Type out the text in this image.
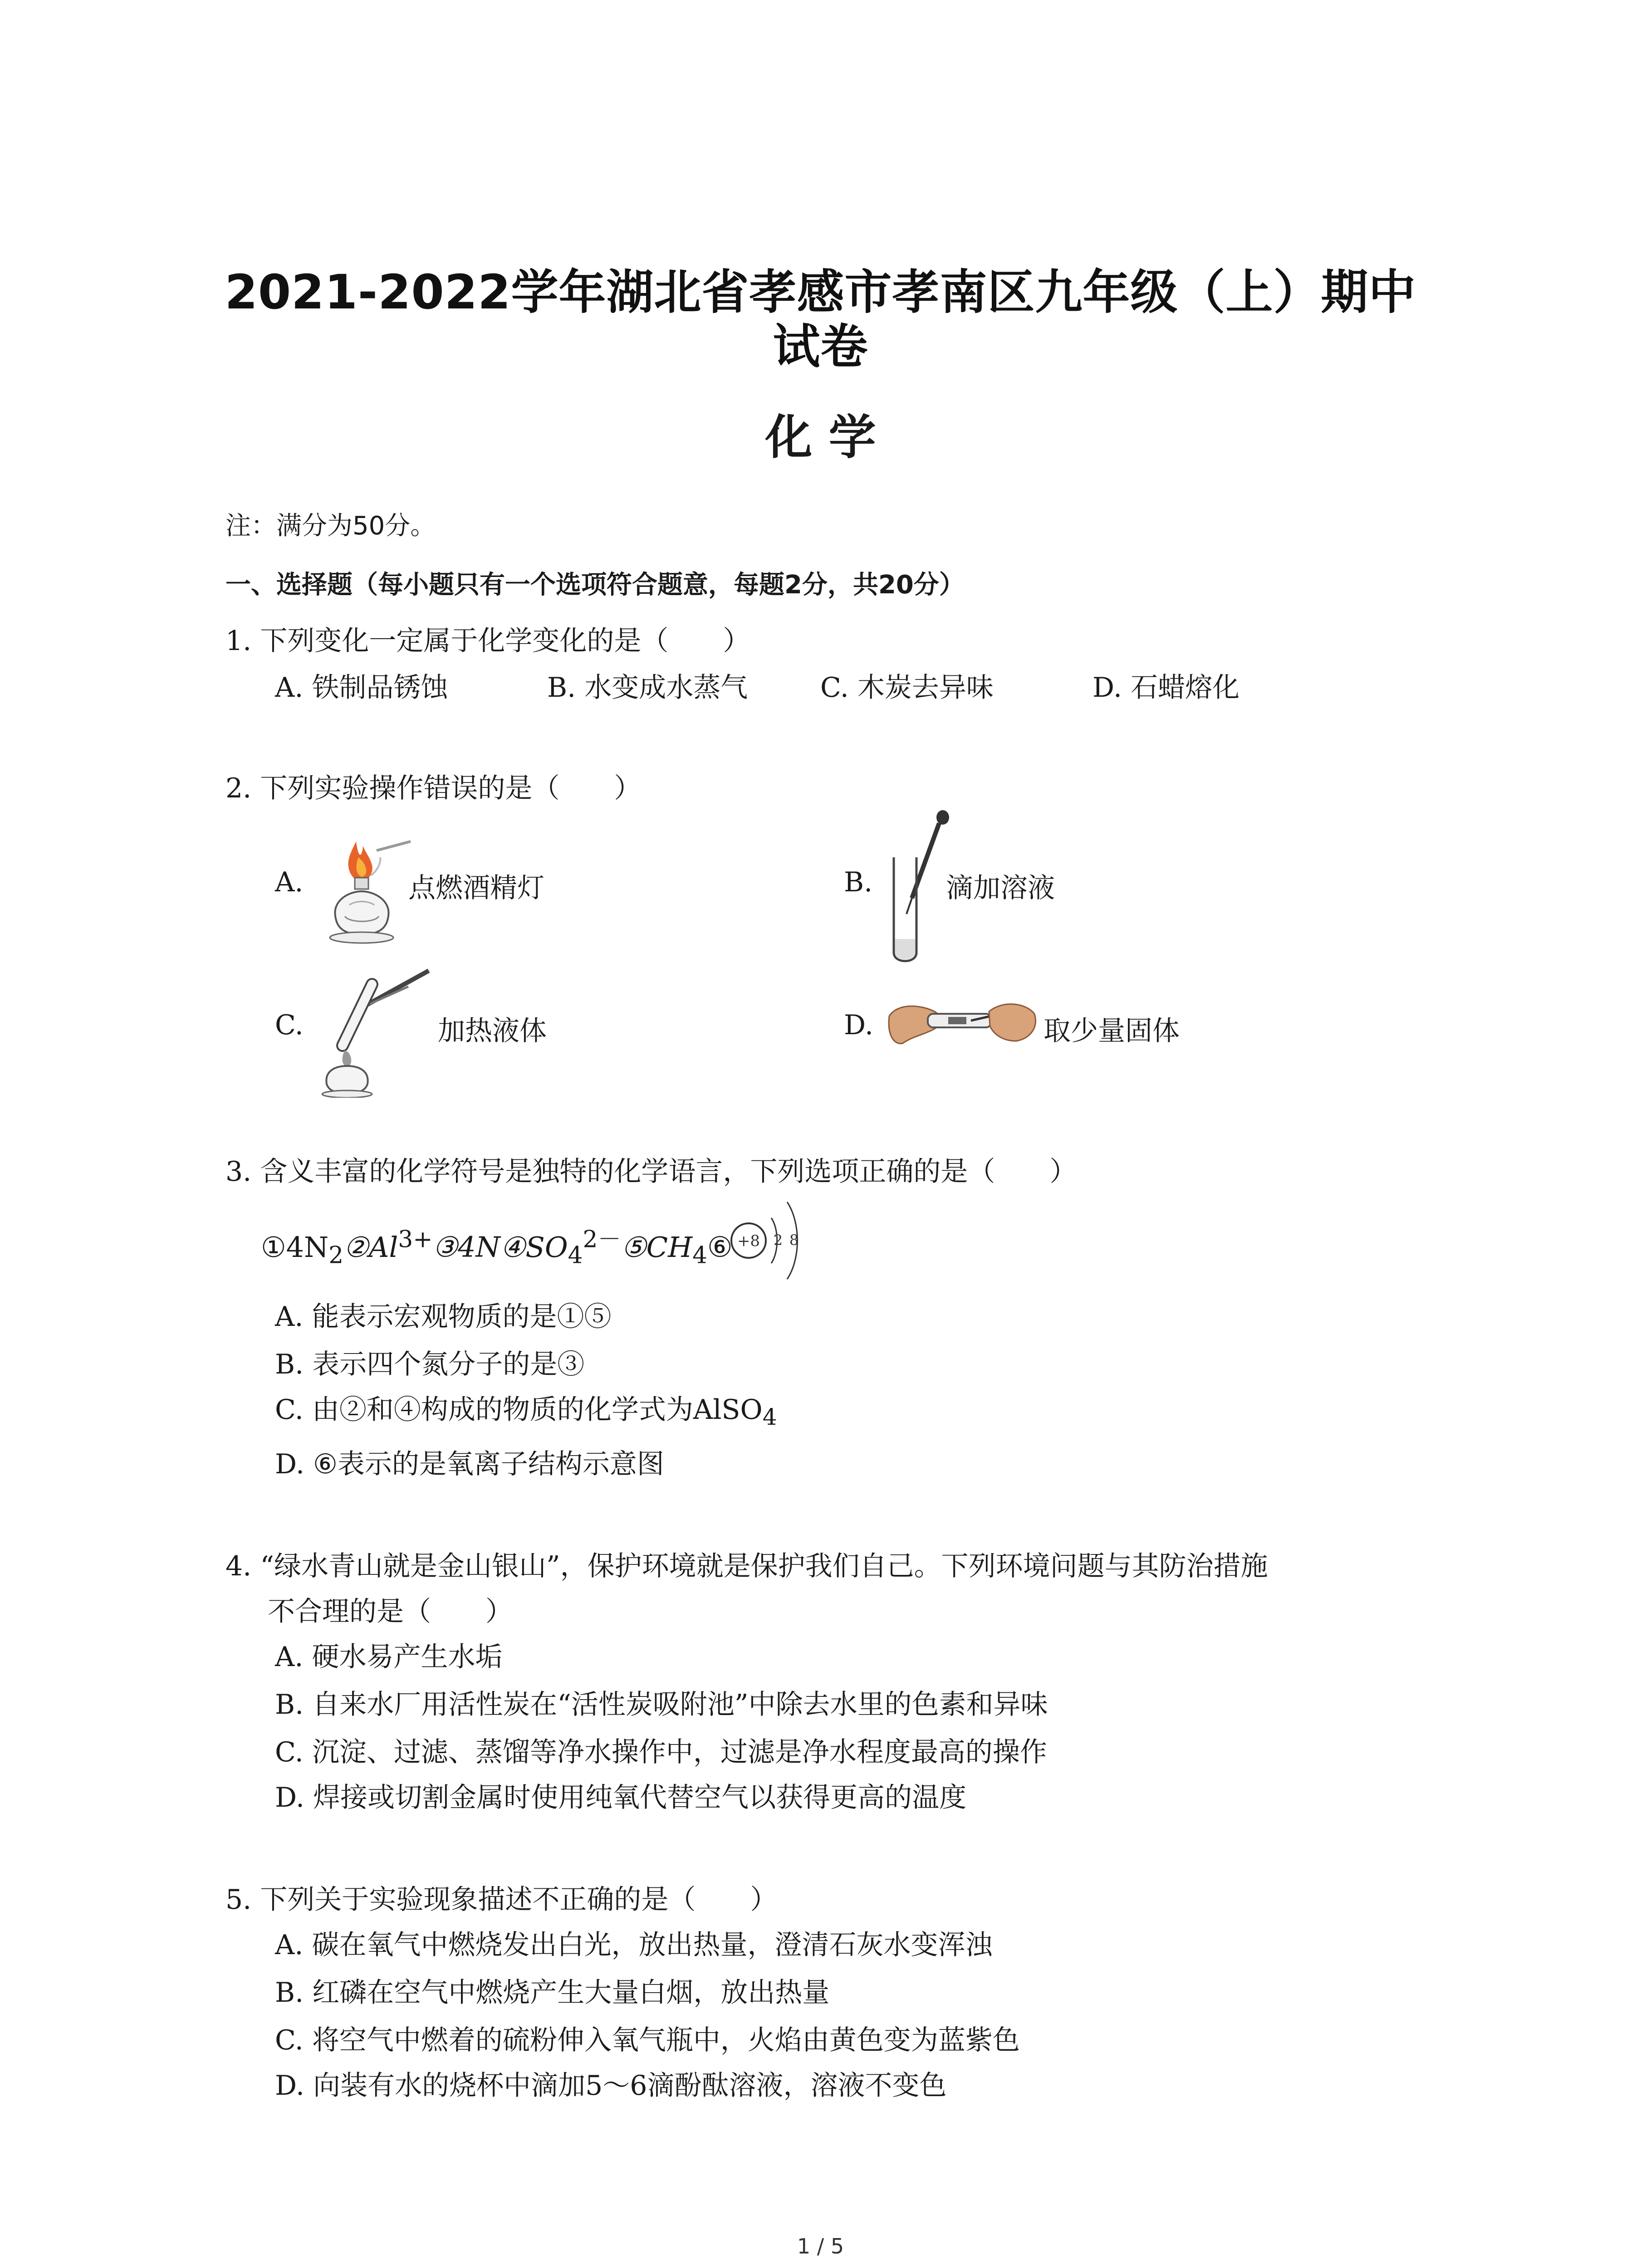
2021-2022学年湖北省孝感市孝南区九年级（上）期中
试卷
化 学
注：满分为50分。
一、选择题（每小题只有一个选项符合题意，每题2分，共20分）
1. 下列变化一定属于化学变化的是（　　）
A. 铁制品锈蚀	B. 水变成水蒸气	C. 木炭去异味	D. 石蜡熔化
2. 下列实验操作错误的是（　　）
A.	点燃酒精灯	B.	滴加溶液
C.	加热液体	D.	取少量固体
3. 含义丰富的化学符号是独特的化学语言，下列选项正确的是（　　）
$①4N_2②Al^{3+}③4N④SO_4^{2-}⑤CH_4⑥ +8$ 2 8
A. 能表示宏观物质的是①⑤
B. 表示四个氮分子的是③
C. 由②和④构成的物质的化学式为AlSO$_4$
D. ⑥表示的是氧离子结构示意图
4. “绿水青山就是金山银山”，保护环境就是保护我们自己。下列环境问题与其防治措施
不合理的是（　　）
A. 硬水易产生水垢
B. 自来水厂用活性炭在“活性炭吸附池”中除去水里的色素和异味
C. 沉淀、过滤、蒸馏等净水操作中，过滤是净水程度最高的操作
D. 焊接或切割金属时使用纯氧代替空气以获得更高的温度
5. 下列关于实验现象描述不正确的是（　　）
A. 碳在氧气中燃烧发出白光，放出热量，澄清石灰水变浑浊
B. 红磷在空气中燃烧产生大量白烟，放出热量
C. 将空气中燃着的硫粉伸入氧气瓶中，火焰由黄色变为蓝紫色
D. 向装有水的烧杯中滴加5～6滴酚酞溶液，溶液不变色
1 / 5
